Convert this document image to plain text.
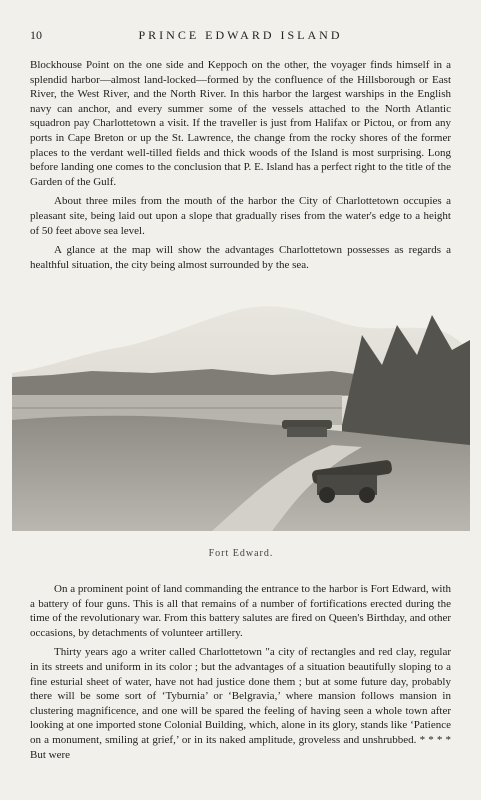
10	PRINCE EDWARD ISLAND

Blockhouse Point on the one side and Keppoch on the other, the voyager finds himself in a splendid harbor—almost land-locked—formed by the confluence of the Hillsborough or East River, the West River, and the North River. In this harbor the largest warships in the English navy can anchor, and every summer some of the vessels attached to the North Atlantic squadron pay Charlottetown a visit. If the traveller is just from Halifax or Pictou, or from any ports in Cape Breton or up the St. Lawrence, the change from the rocky shores of the former places to the verdant well-tilled fields and thick woods of the Island is most surprising. Long before landing one comes to the conclusion that P. E. Island has a perfect right to the title of the Garden of the Gulf.

About three miles from the mouth of the harbor the City of Charlottetown occupies a pleasant site, being laid out upon a slope that gradually rises from the water's edge to a height of 50 feet above sea level.

A glance at the map will show the advantages Charlottetown possesses as regards a healthful situation, the city being almost surrounded by the sea.

Fort Edward.

On a prominent point of land commanding the entrance to the harbor is Fort Edward, with a battery of four guns. This is all that remains of a number of fortifications erected during the time of the revolutionary war. From this battery salutes are fired on Queen's Birthday, and other occasions, by detachments of volunteer artillery.

Thirty years ago a writer called Charlottetown "a city of rectangles and red clay, regular in its streets and uniform in its color ; but the advantages of a situation beautifully sloping to a fine esturial sheet of water, have not had justice done them ; but at some future day, probably there will be some sort of ‘Tyburnia’ or ‘Belgravia,’ where mansion follows mansion in clustering magnificence, and one will be spared the feeling of having seen a whole town after looking at one imported stone Colonial Building, which, alone in its glory, stands like ‘Patience on a monument, smiling at grief,’ or in its naked amplitude, groveless and unshrubbed. * * * * But were
